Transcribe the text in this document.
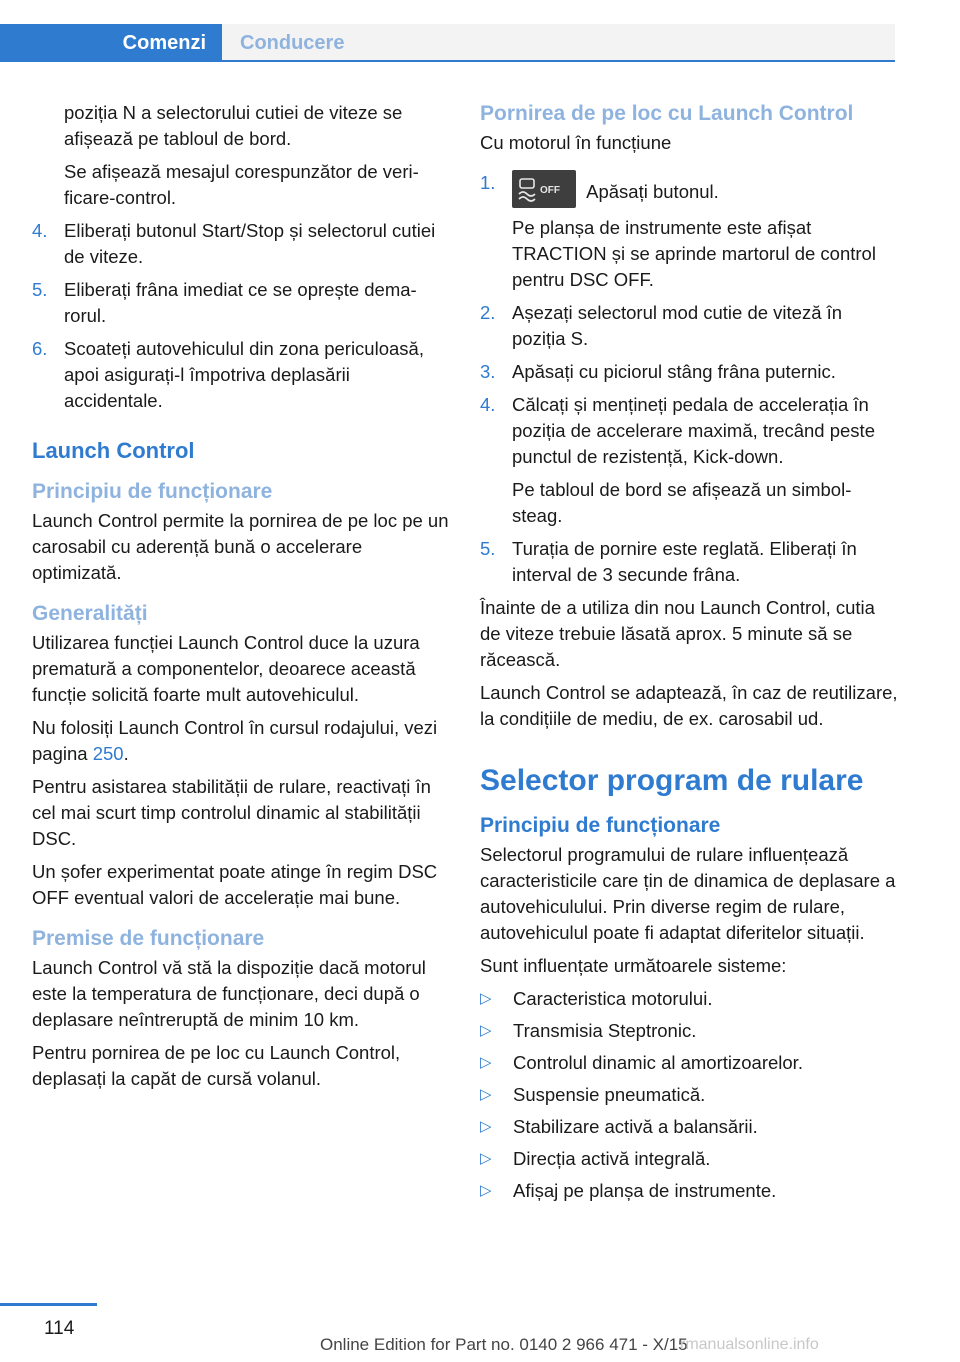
Comenzi	Conducere

poziția N a selectorului cutiei de viteze se afișează pe tabloul de bord.

Se afișează mesajul corespunzător de verificare-control.

4. Eliberați butonul Start/Stop și selectorul cutiei de viteze.
5. Eliberați frâna imediat ce se oprește demarorul.
6. Scoateți autovehiculul din zona periculoasă, apoi asigurați-l împotriva deplasării accidentale.
Launch Control
Principiu de funcționare

Launch Control permite la pornirea de pe loc pe un carosabil cu aderență bună o accelerare optimizată.

Generalități

Utilizarea funcției Launch Control duce la uzura prematură a componentelor, deoarece această funcție solicită foarte mult autovehiculul.

Nu folosiți Launch Control în cursul rodajului, vezi pagina 250.

Pentru asistarea stabilității de rulare, reactivați în cel mai scurt timp controlul dinamic al stabilității DSC.

Un șofer experimentat poate atinge în regim DSC OFF eventual valori de accelerație mai bune.

Premise de funcționare

Launch Control vă stă la dispoziție dacă motorul este la temperatura de funcționare, deci după o deplasare neîntreruptă de minim 10 km.

Pentru pornirea de pe loc cu Launch Control, deplasați la capăt de cursă volanul.

Pornirea de pe loc cu Launch Control

Cu motorul în funcțiune

1.	OFF Apăsați butonul.

Pe planșa de instrumente este afișat TRACTION și se aprinde martorul de control pentru DSC OFF.

2. Așezați selectorul mod cutie de viteză în poziția S.
3. Apăsați cu piciorul stâng frâna puternic.
4. Călcați și mențineți pedala de accelerația în poziția de accelerare maximă, trecând peste punctul de rezistență, Kick-down.

Pe tabloul de bord se afișează un simbol-steag.

5. Turația de pornire este reglată. Eliberați în interval de 3 secunde frâna.

Înainte de a utiliza din nou Launch Control, cutia de viteze trebuie lăsată aprox. 5 minute să se răcească.

Launch Control se adaptează, în caz de reutilizare, la condițiile de mediu, de ex. carosabil ud.

Selector program de rulare
Principiu de funcționare

Selectorul programului de rulare influențează caracteristicile care țin de dinamica de deplasare a autovehiculului. Prin diverse regim de rulare, autovehiculul poate fi adaptat diferitelor situații.

Sunt influențate următoarele sisteme:

▷ Caracteristica motorului.
▷ Transmisia Steptronic.
▷ Controlul dinamic al amortizoarelor.
▷ Suspensie pneumatică.
▷ Stabilizare activă a balansării.
▷ Direcția activă integrală.
▷ Afișaj pe planșa de instrumente.
114
Online Edition for Part no. 0140 2 966 471 - X/15
rmanualsonline.info
